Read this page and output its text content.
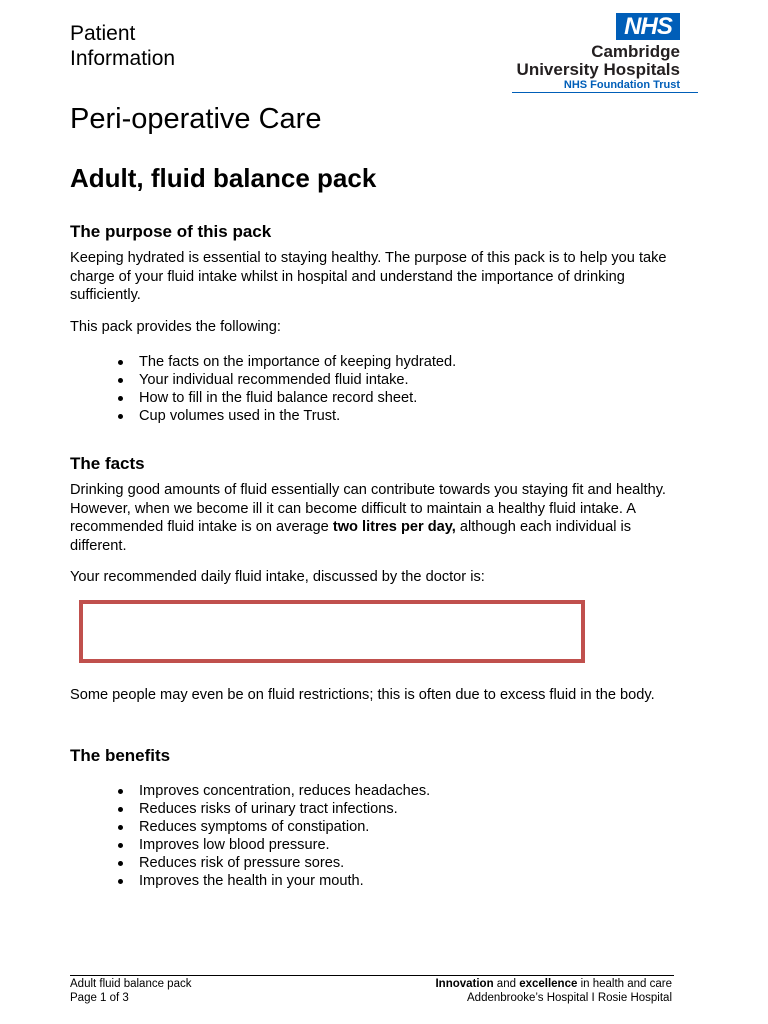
Patient
Information
NHS
Cambridge
University Hospitals
NHS Foundation Trust
Peri-operative Care
Adult, fluid balance pack
The purpose of this pack

Keeping hydrated is essential to staying healthy. The purpose of this pack is to help you take charge of your fluid intake whilst in hospital and understand the importance of drinking sufficiently.

This pack provides the following:

The facts on the importance of keeping hydrated.
Your individual recommended fluid intake.
How to fill in the fluid balance record sheet.
Cup volumes used in the Trust.
The facts

Drinking good amounts of fluid essentially can contribute towards you staying fit and healthy. However, when we become ill it can become difficult to maintain a healthy fluid intake. A recommended fluid intake is on average two litres per day, although each individual is different.

Your recommended daily fluid intake, discussed by the doctor is:

Some people may even be on fluid restrictions; this is often due to excess fluid in the body.

The benefits
Improves concentration, reduces headaches.
Reduces risks of urinary tract infections.
Reduces symptoms of constipation.
Improves low blood pressure.
Reduces risk of pressure sores.
Improves the health in your mouth.
Adult fluid balance pack
Page 1 of 3
Innovation and excellence in health and care
Addenbrooke’s Hospital I Rosie Hospital
